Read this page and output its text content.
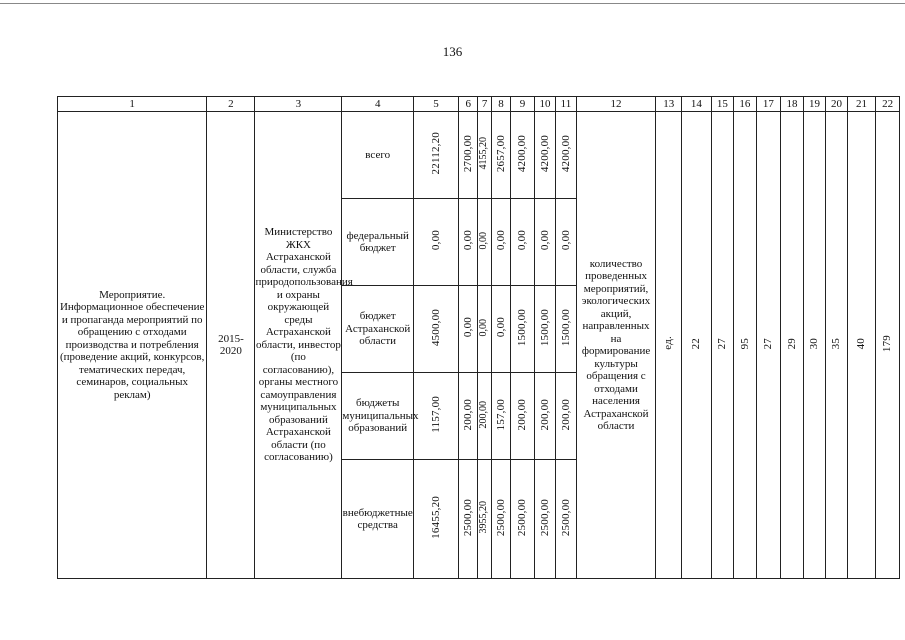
136
1	2	3	4	5	6	7	8	9	10	11	12	13	14	15	16	17	18	19	20	21	22
Мероприятие. Информационное обеспечение и пропаганда мероприятий по обращению с отходами производства и потребления (проведение акций, конкурсов, тематических передач, семинаров, социальных реклам)	2015-2020	Министерство ЖКХ Астраханской области, служба природопользования и охраны окружающей среды Астраханской области, инвестор (по согласованию), органы местного самоуправления муниципальных образований Астраханской области (по согласованию)	всего	22112,20	2700,00	4155,20	2657,00	4200,00	4200,00	4200,00	количество проведенных мероприятий, экологических акций, направленных на формирование культуры обращения с отходами населения Астраханской области	ед.	22	27	95	27	29	30	35	40	179
			федеральный бюджет	0,00	0,00	0,00	0,00	0,00	0,00	0,00											
			бюджет Астраханской области	4500,00	0,00	0,00	0,00	1500,00	1500,00	1500,00											
			бюджеты муниципальных образований	1157,00	200,00	200,00	157,00	200,00	200,00	200,00											
			внебюджетные средства	16455,20	2500,00	3955,20	2500,00	2500,00	2500,00	2500,00											
